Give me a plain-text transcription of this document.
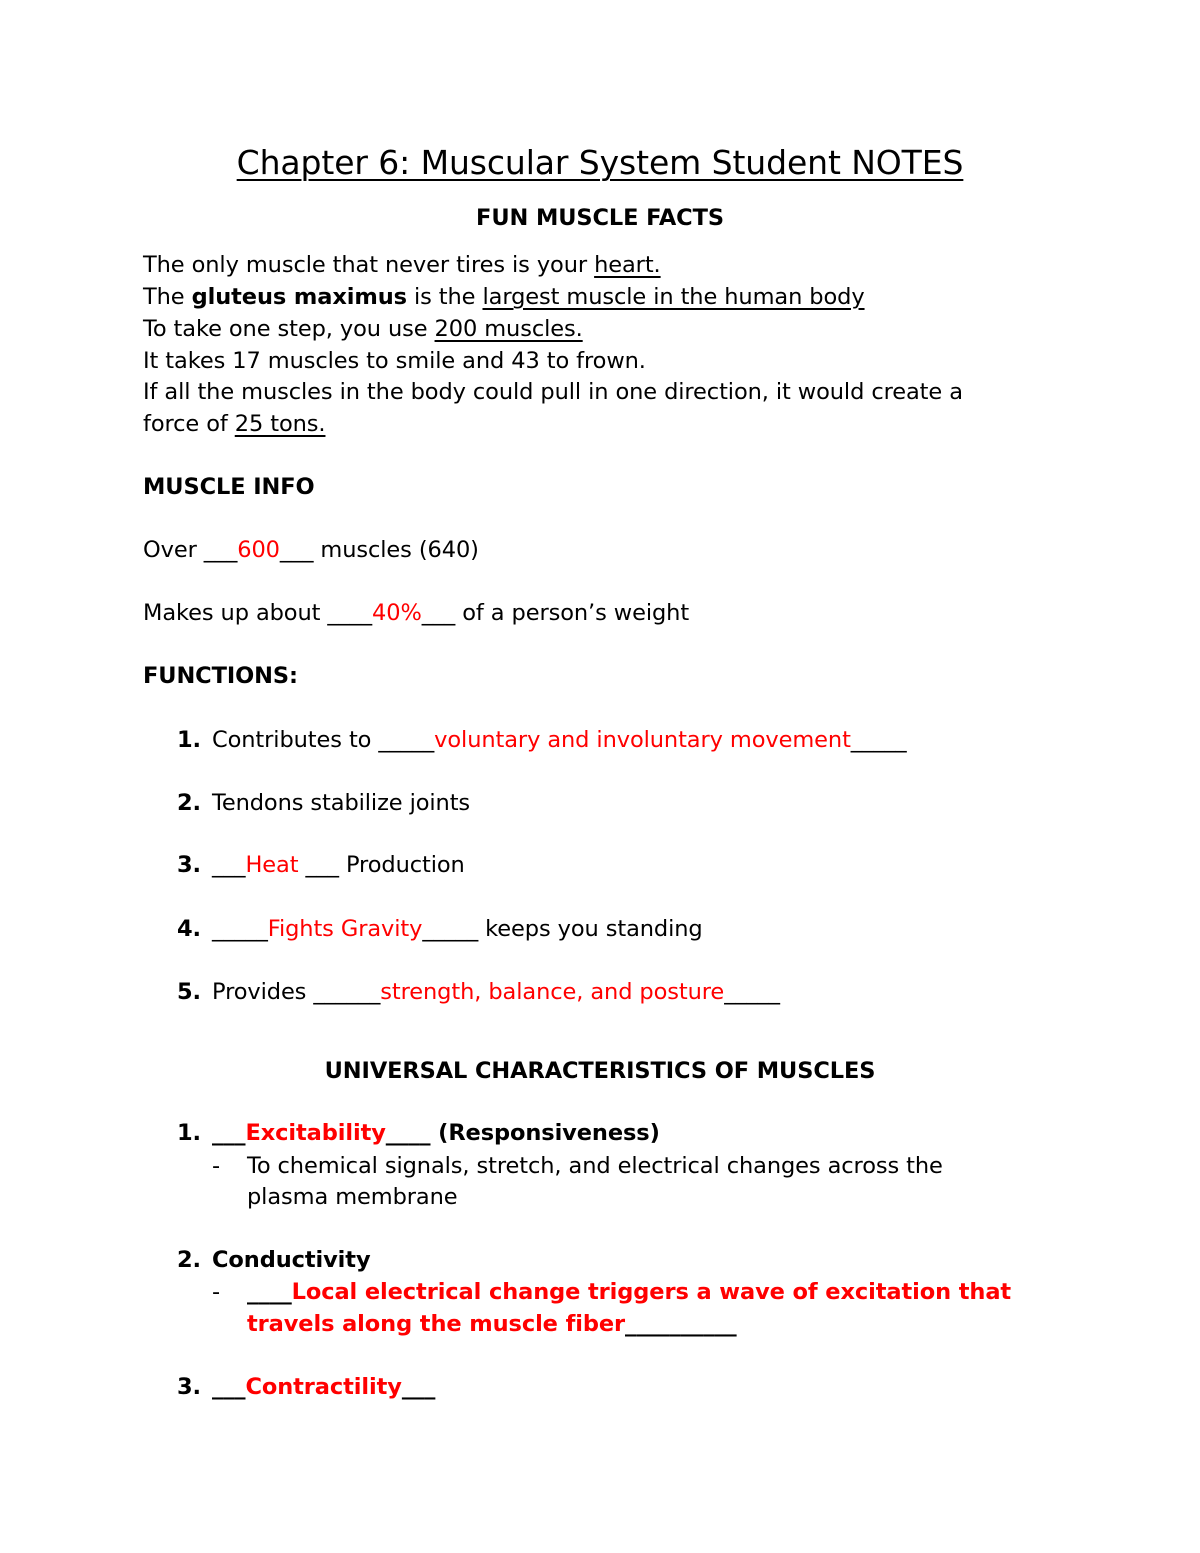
Chapter 6: Muscular System Student NOTES
FUN MUSCLE FACTS
The only muscle that never tires is your heart.
The gluteus maximus is the largest muscle in the human body
To take one step, you use 200 muscles.
It takes 17 muscles to smile and 43 to frown.
If all the muscles in the body could pull in one direction, it would create a
force of 25 tons.
MUSCLE INFO
Over ___600___ muscles (640)
Makes up about ____40%___ of a person’s weight
FUNCTIONS:
1. Contributes to _____voluntary and involuntary movement_____
2. Tendons stabilize joints
3. ___Heat ___ Production
4. _____Fights Gravity_____ keeps you standing
5. Provides ______strength, balance, and posture_____
UNIVERSAL CHARACTERISTICS OF MUSCLES
1. ___Excitability____ (Responsiveness)
- To chemical signals, stretch, and electrical changes across the
plasma membrane
2. Conductivity
- ____Local electrical change triggers a wave of excitation that
travels along the muscle fiber__________
3. ___Contractility___
